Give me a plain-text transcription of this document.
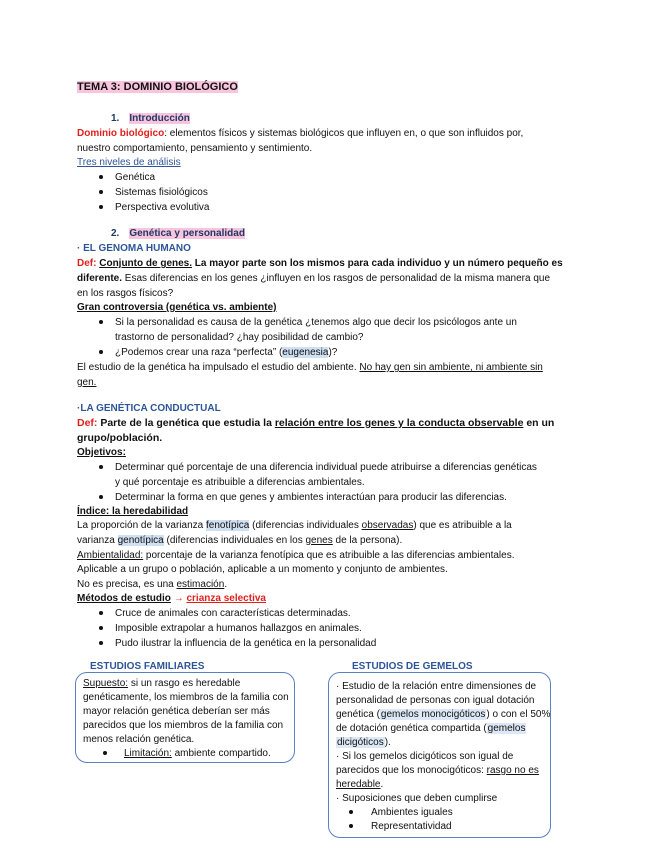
TEMA 3: DOMINIO BIOLÓGICO
1. Introducción
Dominio biológico: elementos físicos y sistemas biológicos que influyen en, o que son influidos por,
nuestro comportamiento, pensamiento y sentimiento.
Tres niveles de análisis
Genética
Sistemas fisiológicos
Perspectiva evolutiva
2. Genética y personalidad
· EL GENOMA HUMANO
Def: Conjunto de genes. La mayor parte son los mismos para cada individuo y un número pequeño es
diferente. Esas diferencias en los genes ¿influyen en los rasgos de personalidad de la misma manera que
en los rasgos físicos?
Gran controversia (genética vs. ambiente)
Si la personalidad es causa de la genética ¿tenemos algo que decir los psicólogos ante un
trastorno de personalidad? ¿hay posibilidad de cambio?
¿Podemos crear una raza “perfecta” (eugenesia)?
El estudio de la genética ha impulsado el estudio del ambiente. No hay gen sin ambiente, ni ambiente sin
gen.
·LA GENÉTICA CONDUCTUAL
Def: Parte de la genética que estudia la relación entre los genes y la conducta observable en un
grupo/población.
Objetivos:
Determinar qué porcentaje de una diferencia individual puede atribuirse a diferencias genéticas
y qué porcentaje es atribuible a diferencias ambientales.
Determinar la forma en que genes y ambientes interactúan para producir las diferencias.
Índice: la heredabilidad
La proporción de la varianza fenotípica (diferencias individuales observadas) que es atribuible a la
varianza genotípica (diferencias individuales en los genes de la persona).
Ambientalidad: porcentaje de la varianza fenotípica que es atribuible a las diferencias ambientales.
Aplicable a un grupo o población, aplicable a un momento y conjunto de ambientes.
No es precisa, es una estimación.
Métodos de estudio → crianza selectiva
Cruce de animales con características determinadas.
Imposible extrapolar a humanos hallazgos en animales.
Pudo ilustrar la influencia de la genética en la personalidad
ESTUDIOS FAMILIARES
Supuesto: si un rasgo es heredable
genéticamente, los miembros de la familia con
mayor relación genética deberían ser más
parecidos que los miembros de la familia con
menos relación genética.
Limitación: ambiente compartido.
ESTUDIOS DE GEMELOS
· Estudio de la relación entre dimensiones de
personalidad de personas con igual dotación
genética (gemelos monocigóticos) o con el 50%
de dotación genética compartida (gemelos
dicigóticos).
· Si los gemelos dicigóticos son igual de
parecidos que los monocigóticos: rasgo no es
heredable.
· Suposiciones que deben cumplirse
Ambientes iguales
Representatividad
